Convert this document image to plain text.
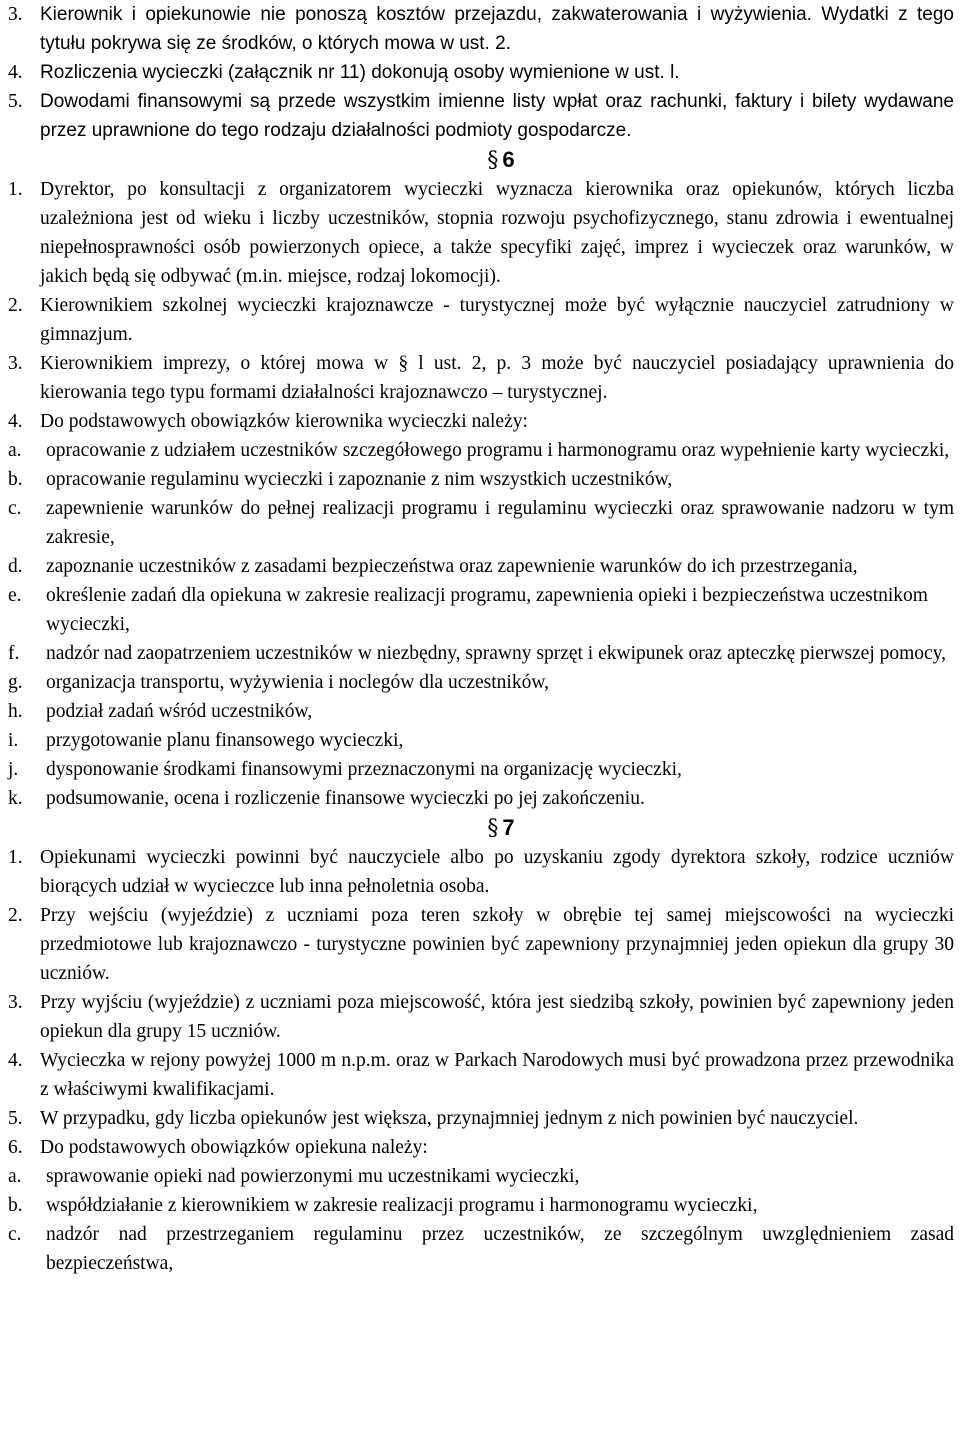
3. Kierownik i opiekunowie nie ponoszą kosztów przejazdu, zakwaterowania i wyżywienia. Wydatki z tego tytułu pokrywa się ze środków, o których mowa w ust. 2.
4. Rozliczenia wycieczki (załącznik nr 11) dokonują osoby wymienione w ust. l.
5. Dowodami finansowymi są przede wszystkim imienne listy wpłat oraz rachunki, faktury i bilety wydawane przez uprawnione do tego rodzaju działalności podmioty gospodarcze.
§ 6
1. Dyrektor, po konsultacji z organizatorem wycieczki wyznacza kierownika oraz opiekunów, których liczba uzależniona jest od wieku i liczby uczestników, stopnia rozwoju psychofizycznego, stanu zdrowia i ewentualnej niepełnosprawności osób powierzonych opiece, a także specyfiki zajęć, imprez i wycieczek oraz warunków, w jakich będą się odbywać (m.in. miejsce, rodzaj lokomocji).
2. Kierownikiem szkolnej wycieczki krajoznawcze - turystycznej może być wyłącznie nauczyciel zatrudniony w gimnazjum.
3. Kierownikiem imprezy, o której mowa w § l ust. 2, p. 3 może być nauczyciel posiadający uprawnienia do kierowania tego typu formami działalności krajoznawczo – turystycznej.
4. Do podstawowych obowiązków kierownika wycieczki należy:
a.	opracowanie z udziałem uczestników szczegółowego programu i harmonogramu oraz wypełnienie karty wycieczki,
b.	opracowanie regulaminu wycieczki i zapoznanie z nim wszystkich uczestników,
c.	zapewnienie warunków do pełnej realizacji programu i regulaminu wycieczki oraz sprawowanie nadzoru w tym zakresie,
d.	zapoznanie uczestników z zasadami bezpieczeństwa oraz zapewnienie warunków do ich przestrzegania,
e.	określenie zadań dla opiekuna w zakresie realizacji programu, zapewnienia opieki i bezpieczeństwa uczestnikom wycieczki,
f.	nadzór nad zaopatrzeniem uczestników w niezbędny, sprawny sprzęt i ekwipunek oraz apteczkę pierwszej pomocy,
g.	organizacja transportu, wyżywienia i noclegów dla uczestników,
h.	podział zadań wśród uczestników,
i.	przygotowanie planu finansowego wycieczki,
j.	dysponowanie środkami finansowymi przeznaczonymi na organizację wycieczki,
k.	podsumowanie, ocena i rozliczenie finansowe wycieczki po jej zakończeniu.
§ 7
1. Opiekunami wycieczki powinni być nauczyciele albo po uzyskaniu zgody dyrektora szkoły, rodzice uczniów biorących udział w wycieczce lub inna pełnoletnia osoba.
2. Przy wejściu (wyjeździe) z uczniami poza teren szkoły w obrębie tej samej miejscowości na wycieczki przedmiotowe lub krajoznawczo - turystyczne powinien być zapewniony przynajmniej jeden opiekun dla grupy 30 uczniów.
3. Przy wyjściu (wyjeździe) z uczniami poza miejscowość, która jest siedzibą szkoły, powinien być zapewniony jeden opiekun dla grupy 15 uczniów.
4. Wycieczka w rejony powyżej 1000 m n.p.m. oraz w Parkach Narodowych musi być prowadzona przez przewodnika z właściwymi kwalifikacjami.
5. W przypadku, gdy liczba opiekunów jest większa, przynajmniej jednym z nich powinien być nauczyciel.
6. Do podstawowych obowiązków opiekuna należy:
a.	sprawowanie opieki nad powierzonymi mu uczestnikami wycieczki,
b.	współdziałanie z kierownikiem w zakresie realizacji programu i harmonogramu wycieczki,
c.	nadzór nad przestrzeganiem regulaminu przez uczestników, ze szczególnym uwzględnieniem zasad bezpieczeństwa,
